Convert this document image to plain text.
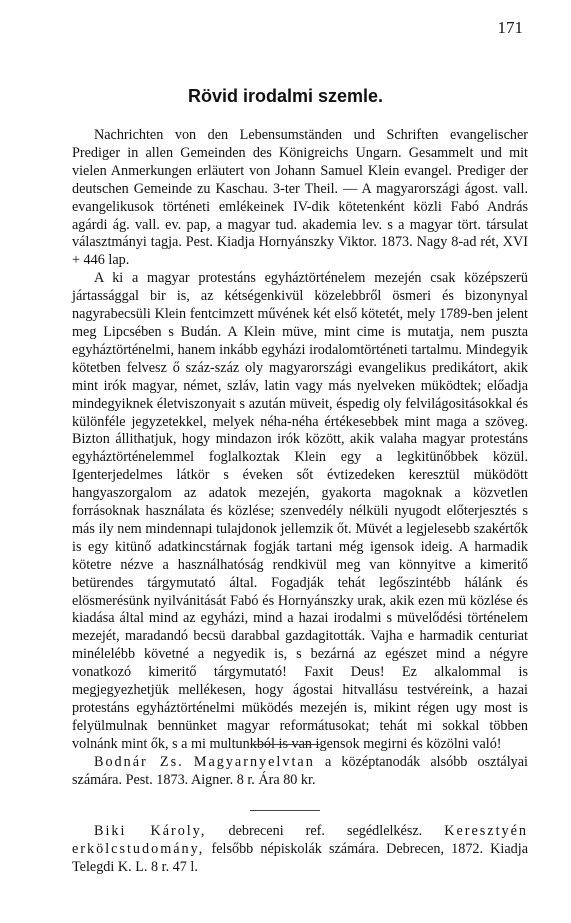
171
Rövid irodalmi szemle.

Nachrichten von den Lebensumständen und Schriften evangelischer Prediger in allen Gemeinden des Königreichs Ungarn. Gesammelt und mit vielen Anmerkungen erläutert von Johann Samuel Klein evangel. Prediger der deutschen Gemeinde zu Kaschau. 3-ter Theil. — A magyarországi ágost. vall. evangelikusok történeti emlékeinek IV-dik kötetenként közli Fabó András agárdi ág. vall. ev. pap, a magyar tud. akademia lev. s a magyar tört. társulat választmányi tagja. Pest. Kiadja Hornyánszky Viktor. 1873. Nagy 8-ad rét, XVI + 446 lap.

A ki a magyar protestáns egyháztörténelem mezején csak középszerü jártassággal bir is, az kétségenkivül közelebbről ösmeri és bizonynyal nagyrabecsüli Klein fentcimzett művének két első kötetét, mely 1789-ben jelent meg Lipcsében s Budán. A Klein müve, mint cime is mutatja, nem pusztа egyháztörténelmi, hanem inkább egyházi irodalomtörténeti tartalmu. Mindegyik kötetben felvesz ő száz-száz oly magyarországi evangelikus predikátort, akik mint irók magyar, német, szláv, latin vagy más nyelveken müködtek; előadja mindegyiknek életviszonyait s azután müveit, éspedig oly felvilágositásokkal és különféle jegyzetekkel, melyek néha-néha értékesebbek mint maga a szöveg. Bizton állithatjuk, hogy mindazon irók között, akik valaha magyar protestáns egyháztörténelemmel foglalkoztak Klein egy a legkitünőbbek közül. Igenterjedelmes látkör s éveken sőt évtizedeken keresztül müködött hangyaszorgalom az adatok mezején, gyakorta magoknak a közvetlen forrásoknak használata és közlése; szenvedély nélküli nyugodt előterjesztés s más ily nem mindennapi tulajdonok jellemzik őt. Müvét a legjelesebb szakértők is egy kitünő adatkincstárnak fogják tartani még igensok ideig. A harmadik kötetre nézve a használhatóság rendkivül meg van könnyitve a kimeritő betürendes tárgymutató által. Fogadják tehát legőszintébb hálánk és elösmerésünk nyilvánitását Fabó és Hornyánszky urak, akik ezen mü közlése és kiadása által mind az egyházi, mind a hazai irodalmi s müvelődési történelem mezejét, maradandó becsü darabbal gazdagitották. Vajha e harmadik centuriat minélelébb követné a negyedik is, s bezárná az egészet mind a négyre vonatkozó kimeritő tárgymutató! Faxit Deus! Ez alkalommal is megjegyezhetjük mellékesen, hogy ágostai hitvallásu testvéreink, a hazai protestáns egyháztörténelmi müködés mezején is, mikint régen ugy most is felyülmulnak bennünket magyar reformátusokat; tehát mi sokkal többen volnánk mint ők, s a mi multunkból is van igensok megirni és közölni való!

Bodnár Zs. Magyarnyelvtan a középtanodák alsóbb osztályai számára. Pest. 1873. Aigner. 8 r. Ára 80 kr.

Biki Károly, debreceni ref. segédlelkész. Keresztyén erkölcstudomány, felsőbb népiskolák számára. Debrecen, 1872. Kiadja Telegdi K. L. 8 r. 47 l.
